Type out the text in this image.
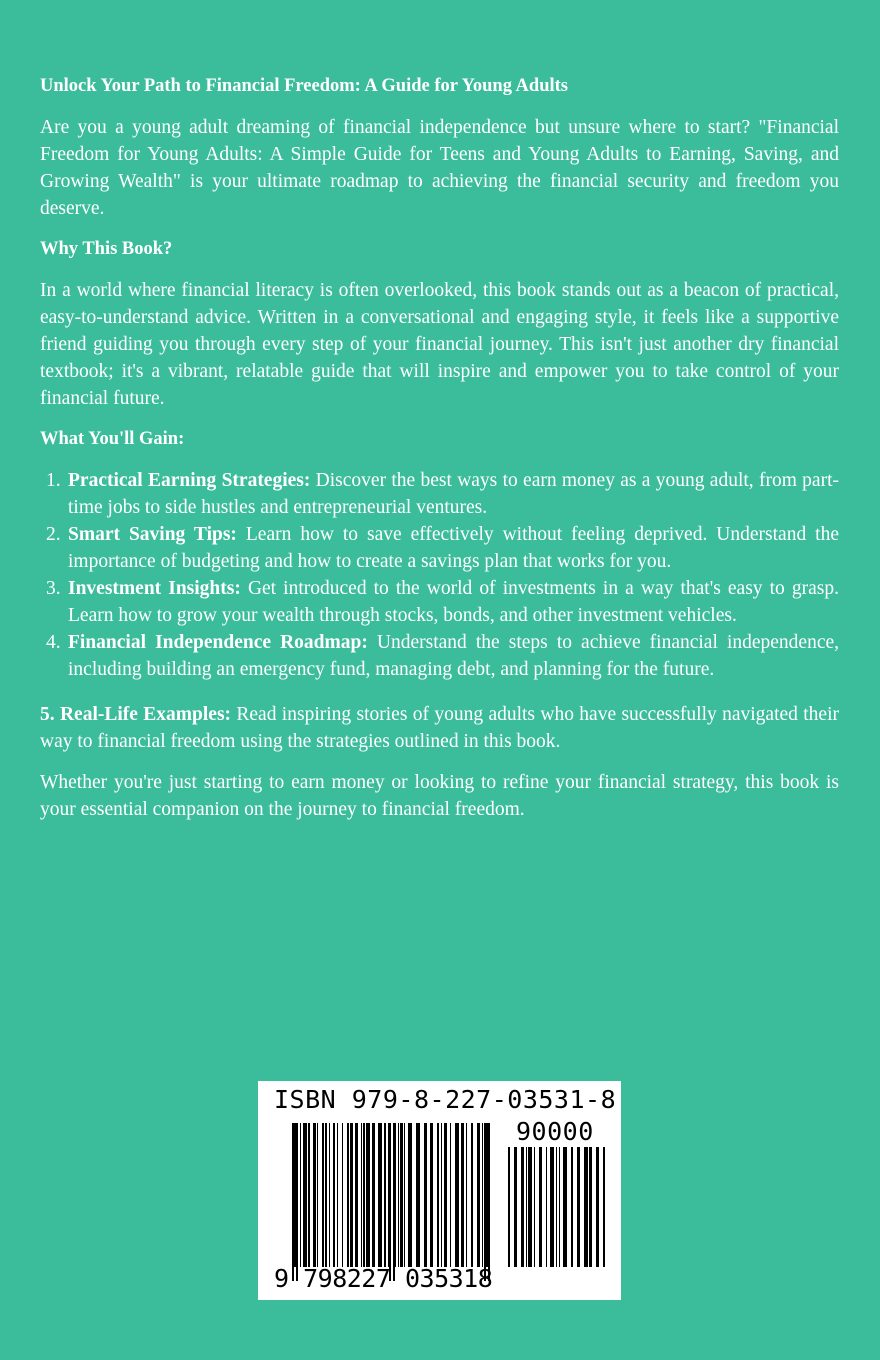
Unlock Your Path to Financial Freedom: A Guide for Young Adults
Are you a young adult dreaming of financial independence but unsure where to start? "Financial Freedom for Young Adults: A Simple Guide for Teens and Young Adults to Earning, Saving, and Growing Wealth" is your ultimate roadmap to achieving the financial security and freedom you deserve.
Why This Book?
In a world where financial literacy is often overlooked, this book stands out as a beacon of practical, easy-to-understand advice. Written in a conversational and engaging style, it feels like a supportive friend guiding you through every step of your financial journey. This isn't just another dry financial textbook; it's a vibrant, relatable guide that will inspire and empower you to take control of your financial future.
What You'll Gain:
1. Practical Earning Strategies: Discover the best ways to earn money as a young adult, from part-time jobs to side hustles and entrepreneurial ventures.
2. Smart Saving Tips: Learn how to save effectively without feeling deprived. Understand the importance of budgeting and how to create a savings plan that works for you.
3. Investment Insights: Get introduced to the world of investments in a way that's easy to grasp. Learn how to grow your wealth through stocks, bonds, and other investment vehicles.
4. Financial Independence Roadmap: Understand the steps to achieve financial independence, including building an emergency fund, managing debt, and planning for the future.
5. Real-Life Examples: Read inspiring stories of young adults who have successfully navigated their way to financial freedom using the strategies outlined in this book.
Whether you're just starting to earn money or looking to refine your financial strategy, this book is your essential companion on the journey to financial freedom.
ISBN 979-8-227-03531-8
90000
9 798227 035318
